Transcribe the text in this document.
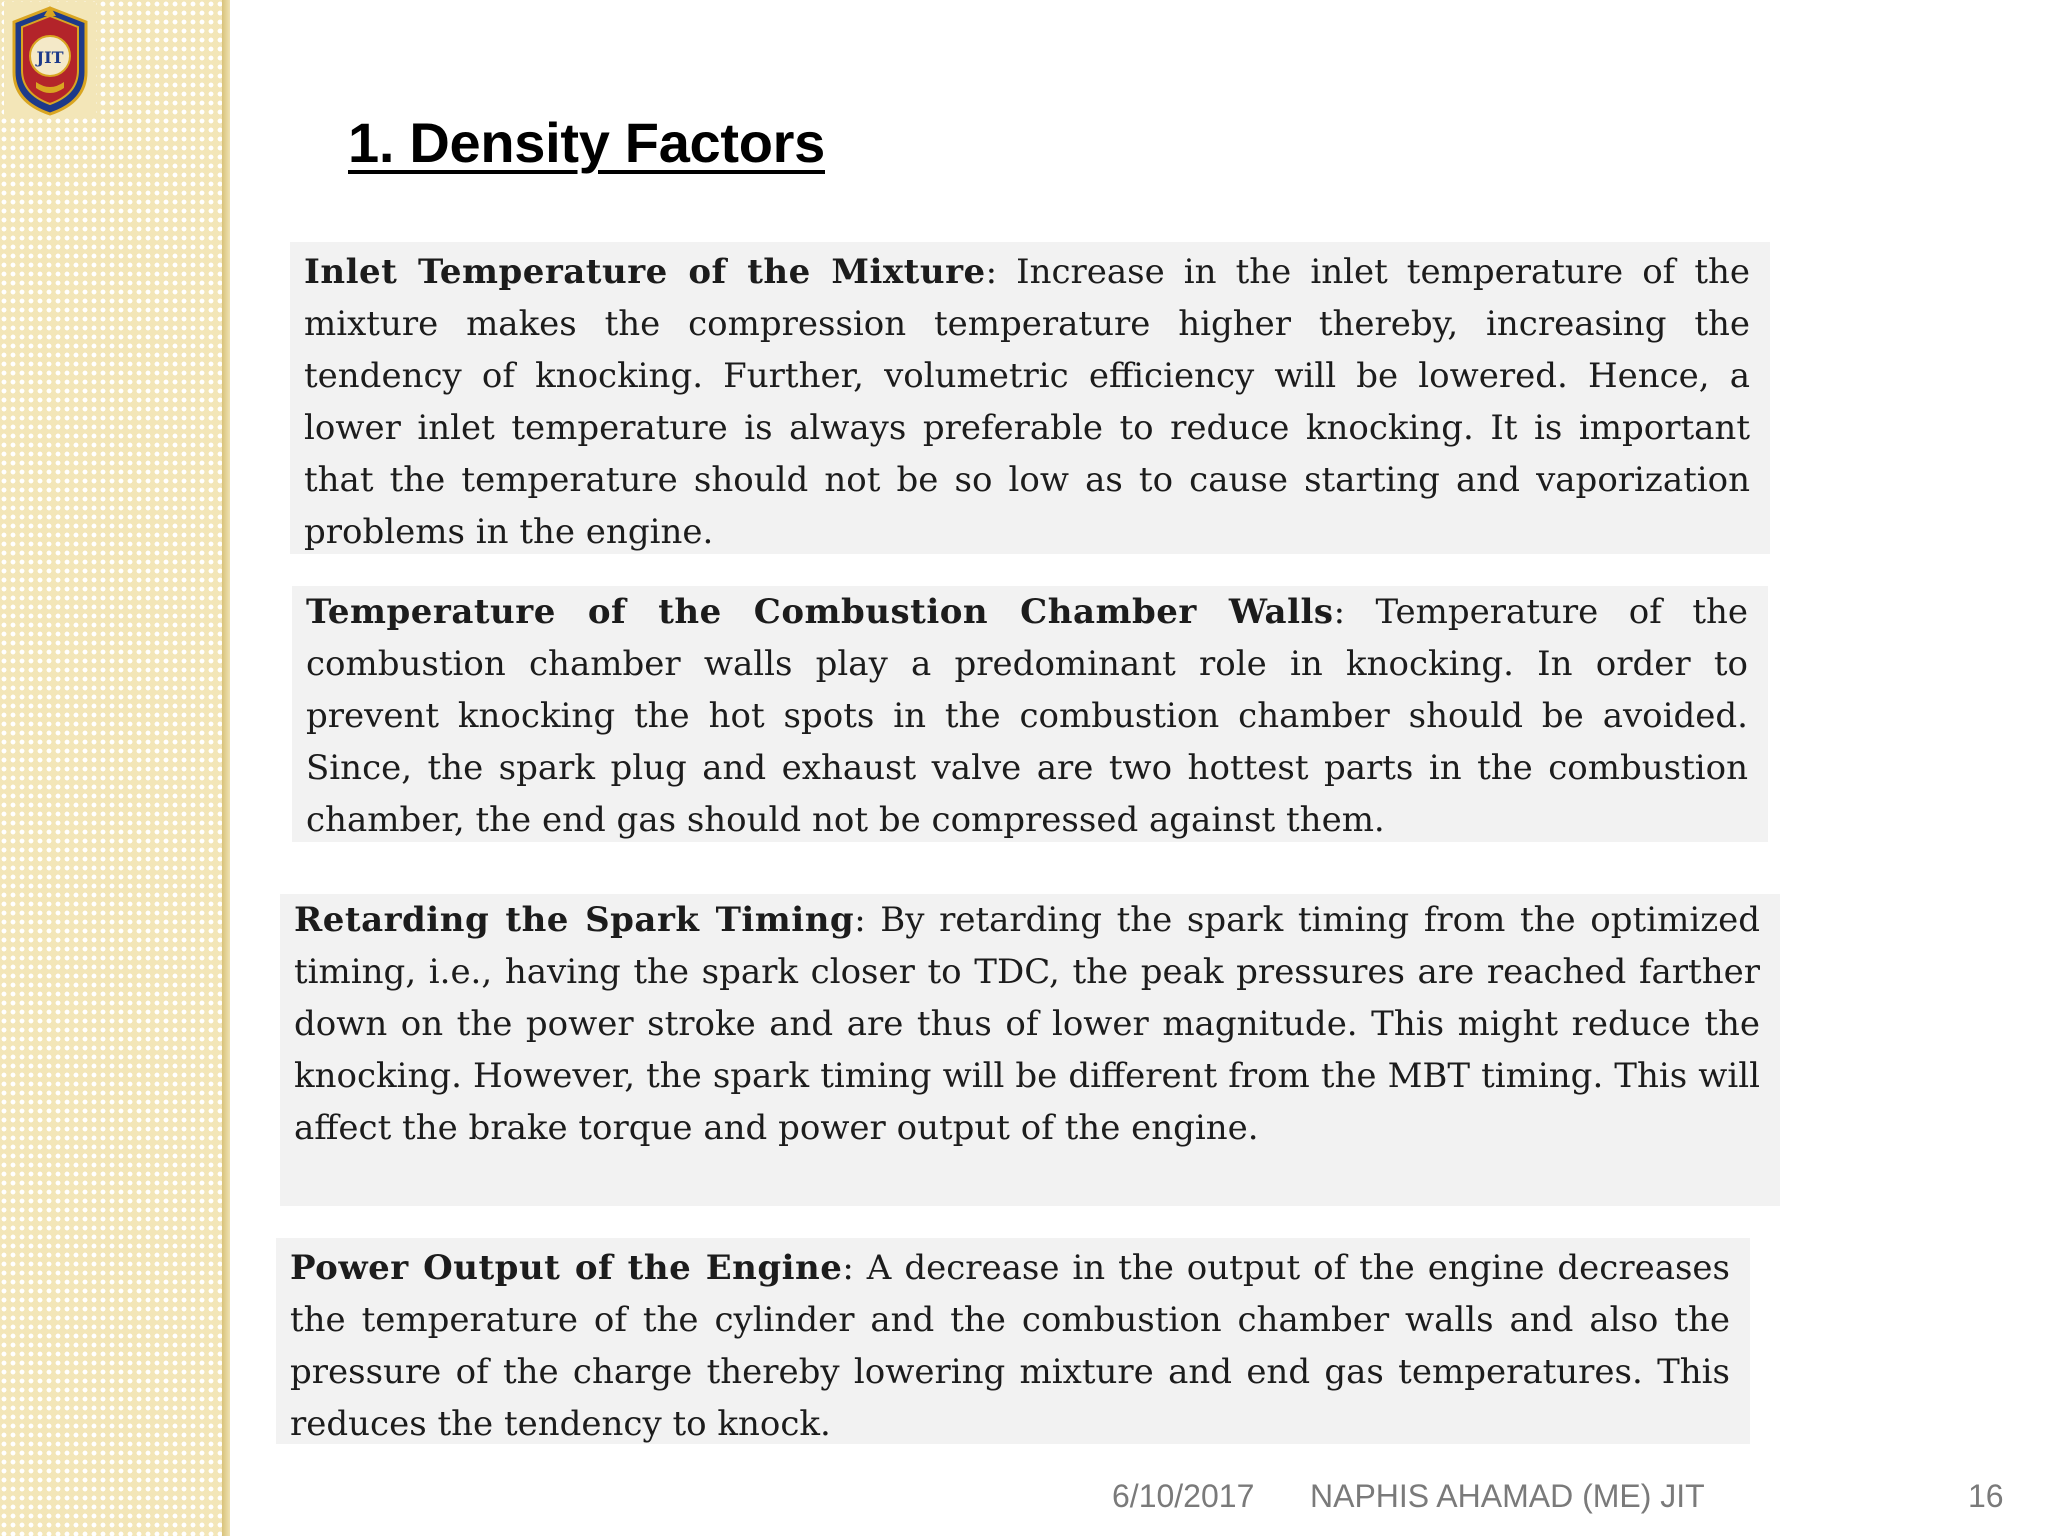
JIT
1. Density Factors
Inlet Temperature of the Mixture: Increase in the inlet temperature of the mixture makes the compression temperature higher thereby, increasing the tendency of knocking. Further, volumetric efficiency will be lowered. Hence, a lower inlet temperature is always preferable to reduce knocking. It is important that the temperature should not be so low as to cause starting and vaporization problems in the engine.
Temperature of the Combustion Chamber Walls: Temperature of the combustion chamber walls play a predominant role in knocking. In order to prevent knocking the hot spots in the combustion chamber should be avoided. Since, the spark plug and exhaust valve are two hottest parts in the combustion chamber, the end gas should not be compressed against them.
Retarding the Spark Timing: By retarding the spark timing from the optimized timing, i.e., having the spark closer to TDC, the peak pressures are reached farther down on the power stroke and are thus of lower magnitude. This might reduce the knocking. However, the spark timing will be different from the MBT timing. This will affect the brake torque and power output of the engine.
Power Output of the Engine: A decrease in the output of the engine decreases the temperature of the cylinder and the combustion chamber walls and also the pressure of the charge thereby lowering mixture and end gas temperatures. This reduces the tendency to knock.
6/10/2017 NAPHIS AHAMAD (ME) JIT	16
